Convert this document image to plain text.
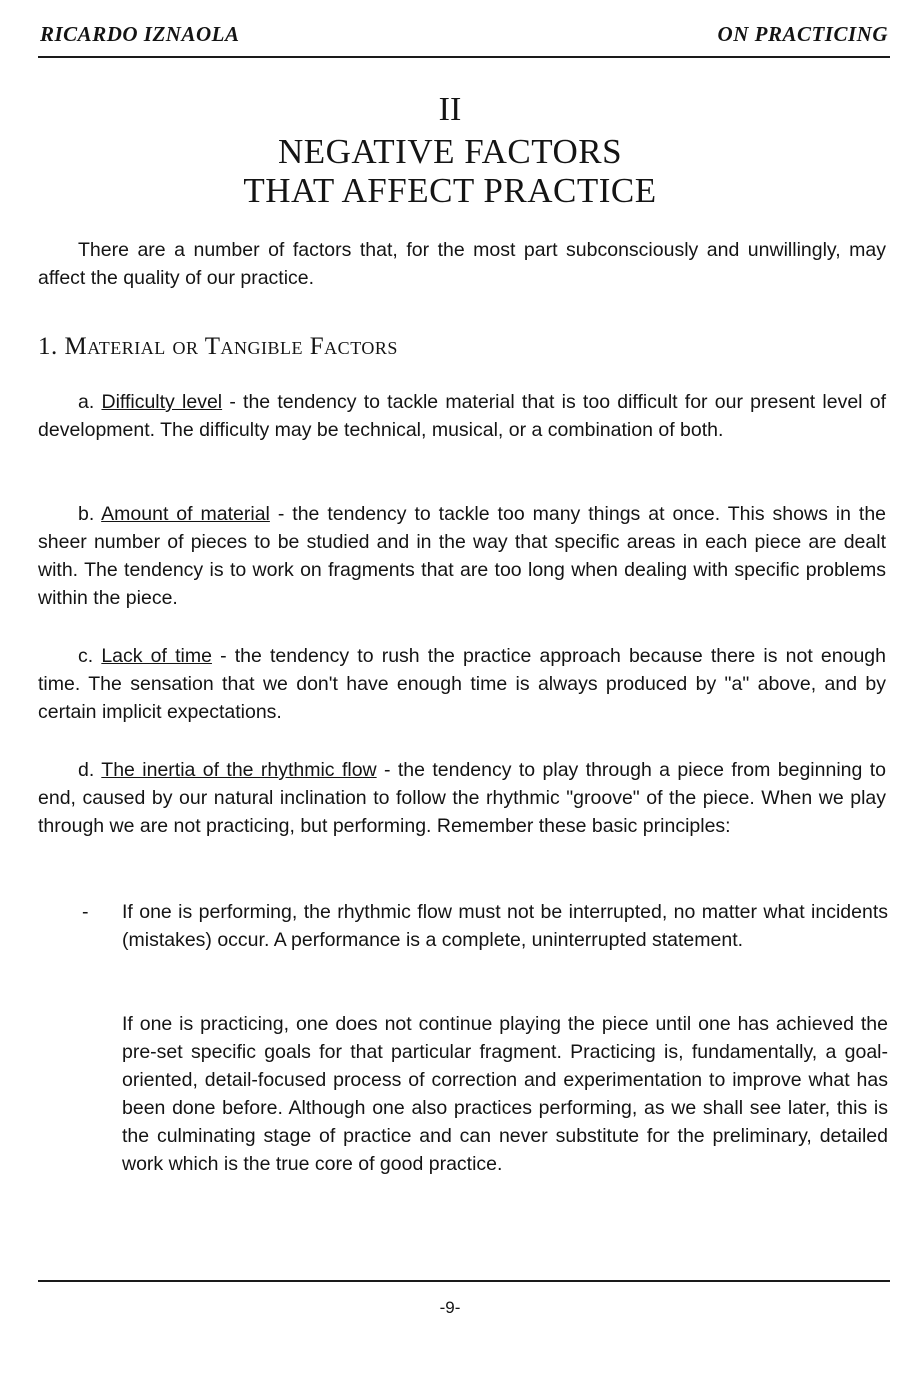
RICARDO IZNAOLA	ON PRACTICING
II
NEGATIVE FACTORS
THAT AFFECT PRACTICE

There are a number of factors that, for the most part subconsciously and unwillingly, may affect the quality of our practice.

1. Material or Tangible Factors

a. Difficulty level - the tendency to tackle material that is too difficult for our present level of development. The difficulty may be technical, musical, or a combination of both.

b. Amount of material - the tendency to tackle too many things at once. This shows in the sheer number of pieces to be studied and in the way that specific areas in each piece are dealt with. The tendency is to work on fragments that are too long when dealing with specific problems within the piece.

c. Lack of time - the tendency to rush the practice approach because there is not enough time. The sensation that we don't have enough time is always produced by "a" above, and by certain implicit expectations.

d. The inertia of the rhythmic flow - the tendency to play through a piece from beginning to end, caused by our natural inclination to follow the rhythmic "groove" of the piece. When we play through we are not practicing, but performing. Remember these basic principles:

- If one is performing, the rhythmic flow must not be interrupted, no matter what incidents (mistakes) occur. A performance is a complete, uninterrupted statement.

If one is practicing, one does not continue playing the piece until one has achieved the pre-set specific goals for that particular fragment. Practicing is, fundamentally, a goal-oriented, detail-focused process of correction and experimentation to improve what has been done before. Although one also practices performing, as we shall see later, this is the culminating stage of practice and can never substitute for the preliminary, detailed work which is the true core of good practice.

-9-
